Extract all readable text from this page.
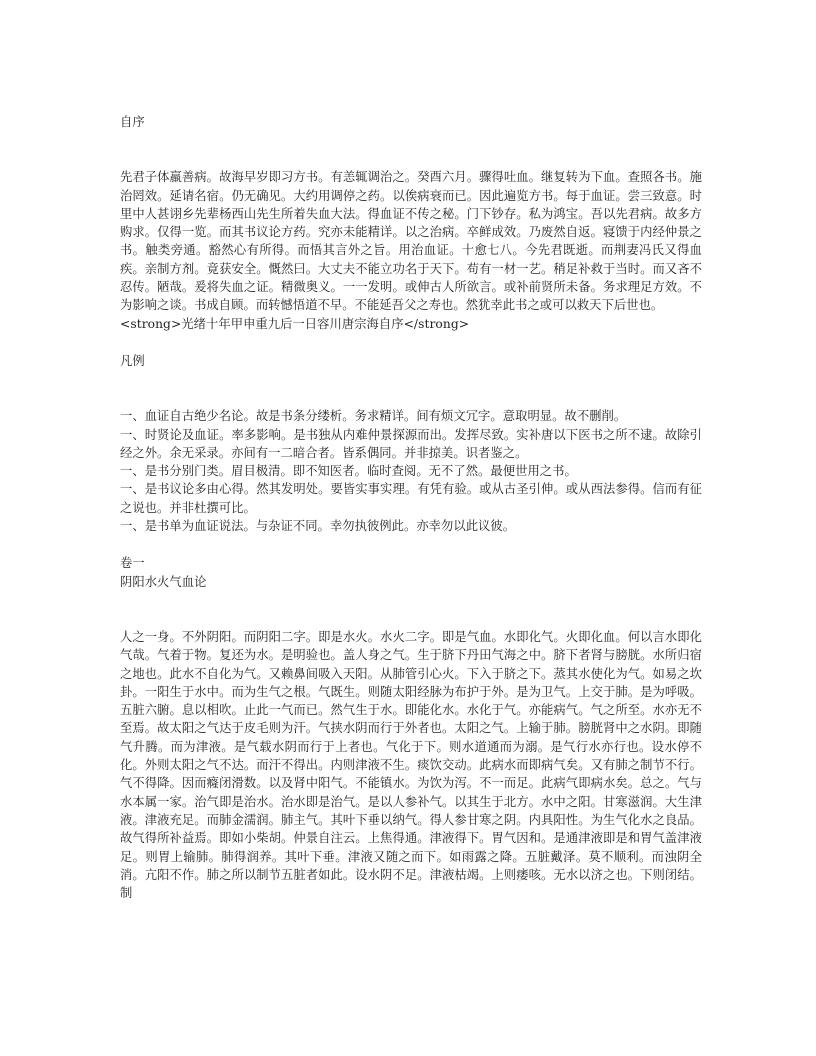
自序

先君子体羸善病。故海早岁即习方书。有恙辄调治之。癸酉六月。骤得吐血。继复转为下血。查照各书。施治罔效。延请名宿。仍无确见。大约用调停之药。以俟病衰而已。因此遍览方书。每于血证。尝三致意。时里中人甚诩乡先辈杨西山先生所着失血大法。得血证不传之秘。门下钞存。私为鸿宝。吾以先君病。故多方购求。仅得一览。而其书议论方药。究亦未能精详。以之治病。卒鲜成效。乃废然自返。寝馈于内经仲景之书。触类旁通。豁然心有所得。而悟其言外之旨。用治血证。十愈七八。今先君既逝。而荆妻冯氏又得血疾。亲制方剂。竟获安全。慨然曰。大丈夫不能立功名于天下。苟有一材一艺。稍足补救于当时。而又吝不忍传。陋哉。爰将失血之证。精微奥义。一一发明。或伸古人所欲言。或补前贤所未备。务求理足方效。不为影响之谈。书成自顾。而转憾悟道不早。不能延吾父之寿也。然犹幸此书之或可以救天下后世也。

<strong>光绪十年甲申重九后一日容川唐宗海自序</strong>

凡例

一、血证自古绝少名论。故是书条分缕析。务求精详。间有烦文冗字。意取明显。故不删削。

一、时贤论及血证。率多影响。是书独从内难仲景探源而出。发挥尽致。实补唐以下医书之所不逮。故除引经之外。余无采录。亦间有一二暗合者。皆系偶同。并非掠美。识者鉴之。

一、是书分别门类。眉目极清。即不知医者。临时查阅。无不了然。最便世用之书。

一、是书议论多由心得。然其发明处。要皆实事实理。有凭有验。或从古圣引伸。或从西法参得。信而有征之说也。并非杜撰可比。

一、是书单为血证说法。与杂证不同。幸勿执彼例此。亦幸勿以此议彼。

卷一

阴阳水火气血论

人之一身。不外阴阳。而阴阳二字。即是水火。水火二字。即是气血。水即化气。火即化血。何以言水即化气哉。气着于物。复还为水。是明验也。盖人身之气。生于脐下丹田气海之中。脐下者肾与膀胱。水所归宿之地也。此水不自化为气。又赖鼻间吸入天阳。从肺管引心火。下入于脐之下。蒸其水使化为气。如易之坎卦。一阳生于水中。而为生气之根。气既生。则随太阳经脉为布护于外。是为卫气。上交于肺。是为呼吸。五脏六腑。息以相吹。止此一气而已。然气生于水。即能化水。水化于气。亦能病气。气之所至。水亦无不至焉。故太阳之气达于皮毛则为汗。气挟水阴而行于外者也。太阳之气。上输于肺。膀胱肾中之水阴。即随气升腾。而为津液。是气载水阴而行于上者也。气化于下。则水道通而为溺。是气行水亦行也。设水停不化。外则太阳之气不达。而汗不得出。内则津液不生。痰饮交动。此病水而即病气矣。又有肺之制节不行。气不得降。因而癃闭滑数。以及肾中阳气。不能镇水。为饮为泻。不一而足。此病气即病水矣。总之。气与水本属一家。治气即是治水。治水即是治气。是以人参补气。以其生于北方。水中之阳。甘寒滋润。大生津液。津液充足。而肺金濡润。肺主气。其叶下垂以纳气。得人参甘寒之阴。内具阳性。为生气化水之良品。故气得所补益焉。即如小柴胡。仲景自注云。上焦得通。津液得下。胃气因和。是通津液即是和胃气盖津液足。则胃上输肺。肺得润养。其叶下垂。津液又随之而下。如雨露之降。五脏戴泽。莫不顺利。而浊阴全消。亢阳不作。肺之所以制节五脏者如此。设水阴不足。津液枯竭。上则痿咳。无水以济之也。下则闭结。制
